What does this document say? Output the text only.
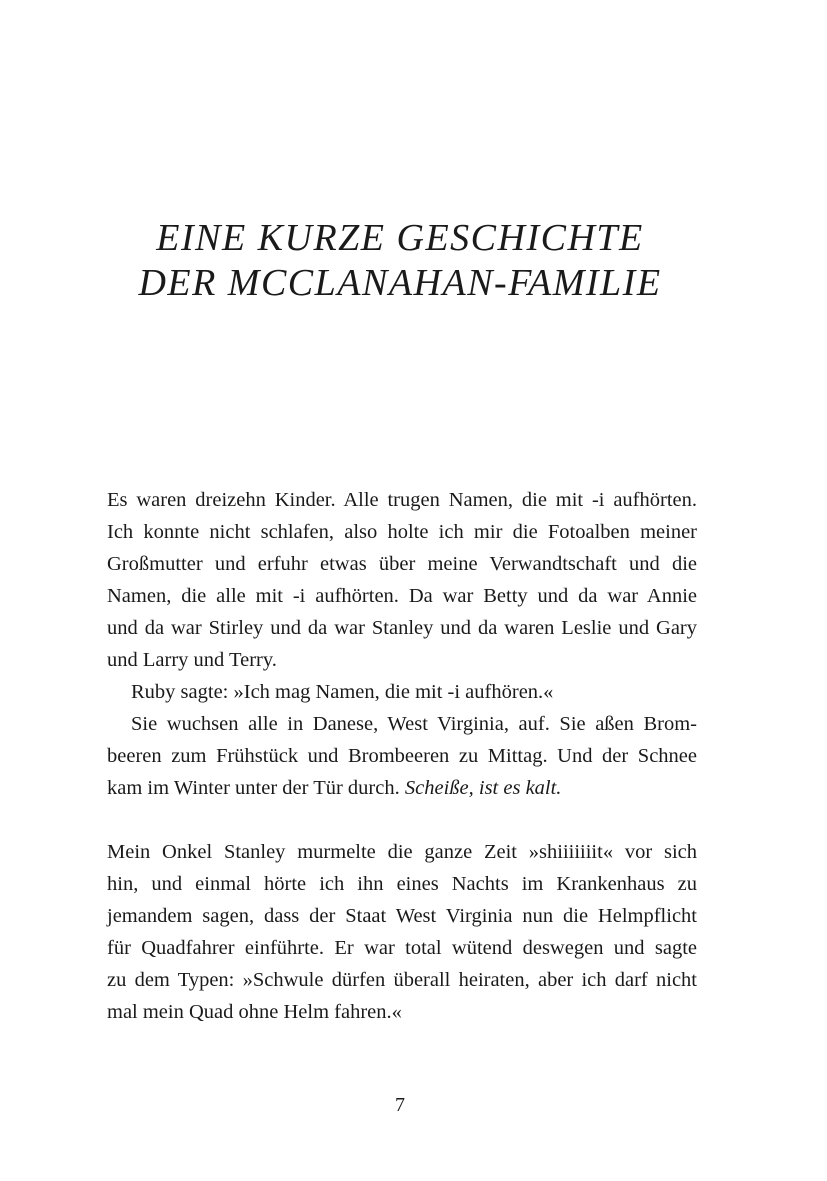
EINE KURZE GESCHICHTE
DER MCCLANAHAN-FAMILIE
Es waren dreizehn Kinder. Alle trugen Namen, die mit -i aufhörten.
Ich konnte nicht schlafen, also holte ich mir die Fotoalben meiner
Großmutter und erfuhr etwas über meine Verwandtschaft und die
Namen, die alle mit -i aufhörten. Da war Betty und da war Annie
und da war Stirley und da war Stanley und da waren Leslie und Gary
und Larry und Terry.
Ruby sagte: »Ich mag Namen, die mit -i aufhören.«
Sie wuchsen alle in Danese, West Virginia, auf. Sie aßen Brom-
beeren zum Frühstück und Brombeeren zu Mittag. Und der Schnee
kam im Winter unter der Tür durch. Scheiße, ist es kalt.
Mein Onkel Stanley murmelte die ganze Zeit »shiiiiiiit« vor sich
hin, und einmal hörte ich ihn eines Nachts im Krankenhaus zu
jemandem sagen, dass der Staat West Virginia nun die Helmpflicht
für Quadfahrer einführte. Er war total wütend deswegen und sagte
zu dem Typen: »Schwule dürfen überall heiraten, aber ich darf nicht
mal mein Quad ohne Helm fahren.«
7
